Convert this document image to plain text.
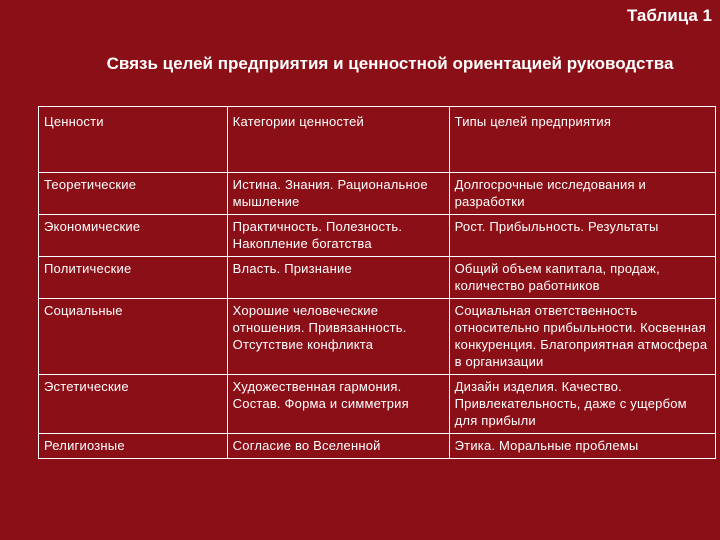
Таблица 1
Связь целей предприятия и ценностной ориентацией руководства
Ценности	Категории ценностей	Типы целей предприятия
Теоретические	Истина. Знания. Рациональное мышление	Долгосрочные исследования и разработки
Экономические	Практичность. Полезность. Накопление богатства	Рост. Прибыльность. Результаты
Политические	Власть. Признание	Общий объем капитала, продаж, количество работников
Социальные	Хорошие человеческие отношения. Привязанность. Отсутствие конфликта	Социальная ответственность относительно прибыльности. Косвенная конкуренция. Благоприятная атмосфера в организации
Эстетические	Художественная гармония. Состав. Форма и симметрия	Дизайн изделия. Качество. Привлекательность, даже с ущербом для прибыли
Религиозные	Согласие во Вселенной	Этика. Моральные проблемы
